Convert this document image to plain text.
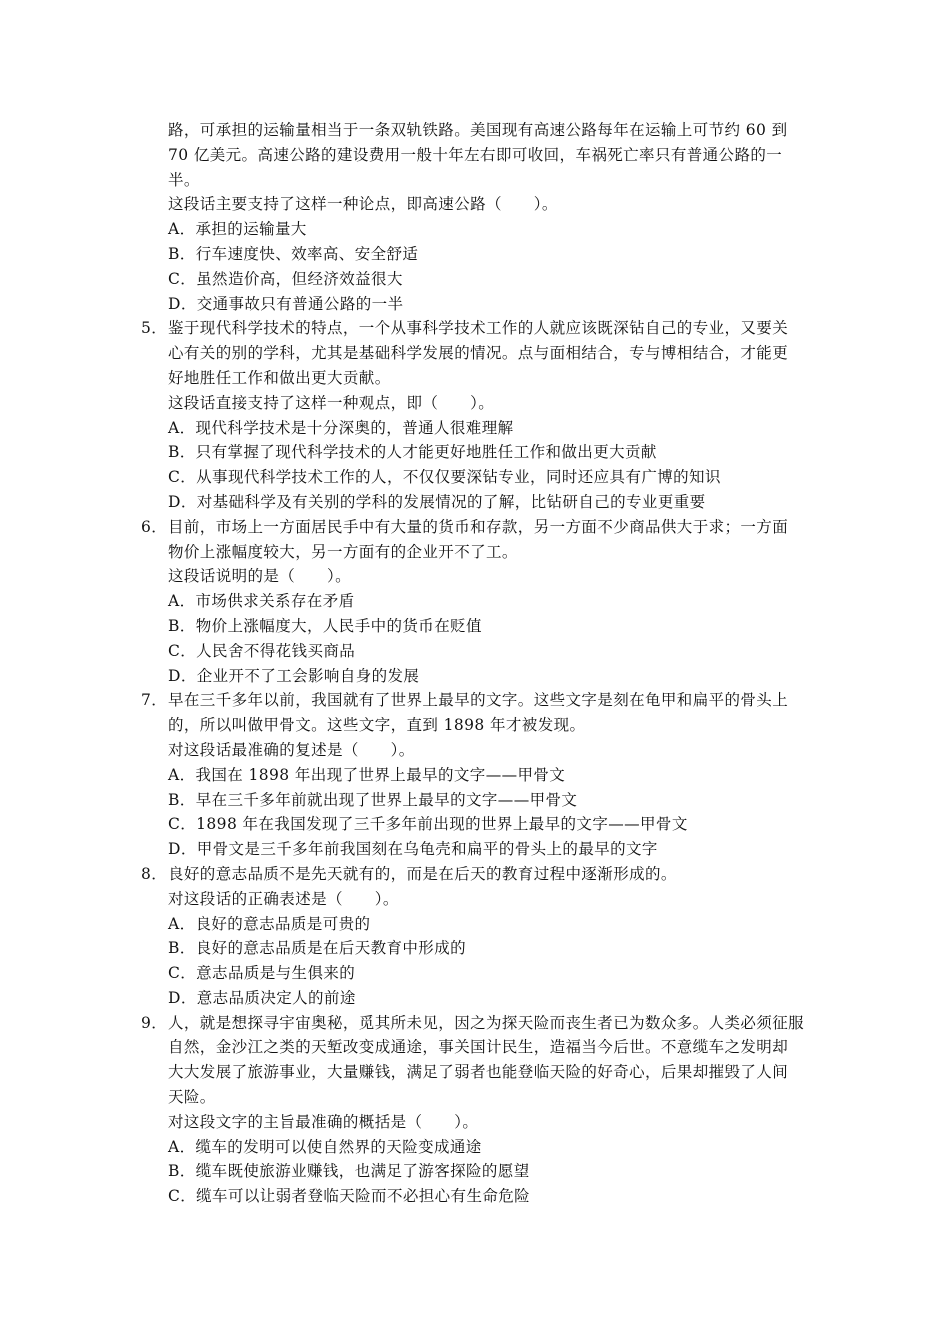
路，可承担的运输量相当于一条双轨铁路。美国现有高速公路每年在运输上可节约 60 到
70 亿美元。高速公路的建设费用一般十年左右即可收回，车祸死亡率只有普通公路的一
半。
这段话主要支持了这样一种论点，即高速公路（　　）。
A．承担的运输量大
B．行车速度快、效率高、安全舒适
C．虽然造价高，但经济效益很大
D．交通事故只有普通公路的一半
5． 鉴于现代科学技术的特点，一个从事科学技术工作的人就应该既深钻自己的专业，又要关
心有关的别的学科，尤其是基础科学发展的情况。点与面相结合，专与博相结合，才能更
好地胜任工作和做出更大贡献。
这段话直接支持了这样一种观点，即（　　）。
A．现代科学技术是十分深奥的，普通人很难理解
B．只有掌握了现代科学技术的人才能更好地胜任工作和做出更大贡献
C．从事现代科学技术工作的人，不仅仅要深钻专业，同时还应具有广博的知识
D．对基础科学及有关别的学科的发展情况的了解，比钻研自己的专业更重要
6． 目前，市场上一方面居民手中有大量的货币和存款，另一方面不少商品供大于求；一方面
物价上涨幅度较大，另一方面有的企业开不了工。
这段话说明的是（　　）。
A．市场供求关系存在矛盾
B．物价上涨幅度大，人民手中的货币在贬值
C．人民舍不得花钱买商品
D．企业开不了工会影响自身的发展
7． 早在三千多年以前，我国就有了世界上最早的文字。这些文字是刻在龟甲和扁平的骨头上
的，所以叫做甲骨文。这些文字，直到 1898 年才被发现。
对这段话最准确的复述是（　　）。
A．我国在 1898 年出现了世界上最早的文字——甲骨文
B．早在三千多年前就出现了世界上最早的文字——甲骨文
C．1898 年在我国发现了三千多年前出现的世界上最早的文字——甲骨文
D．甲骨文是三千多年前我国刻在乌龟壳和扁平的骨头上的最早的文字
8． 良好的意志品质不是先天就有的，而是在后天的教育过程中逐渐形成的。
对这段话的正确表述是（　　）。
A．良好的意志品质是可贵的
B．良好的意志品质是在后天教育中形成的
C．意志品质是与生俱来的
D．意志品质决定人的前途
9． 人，就是想探寻宇宙奥秘，觅其所未见，因之为探天险而丧生者已为数众多。人类必须征服
自然，金沙江之类的天堑改变成通途，事关国计民生，造福当今后世。不意缆车之发明却
大大发展了旅游事业，大量赚钱，满足了弱者也能登临天险的好奇心，后果却摧毁了人间
天险。
对这段文字的主旨最准确的概括是（　　）。
A．缆车的发明可以使自然界的天险变成通途
B．缆车既使旅游业赚钱，也满足了游客探险的愿望
C．缆车可以让弱者登临天险而不必担心有生命危险
